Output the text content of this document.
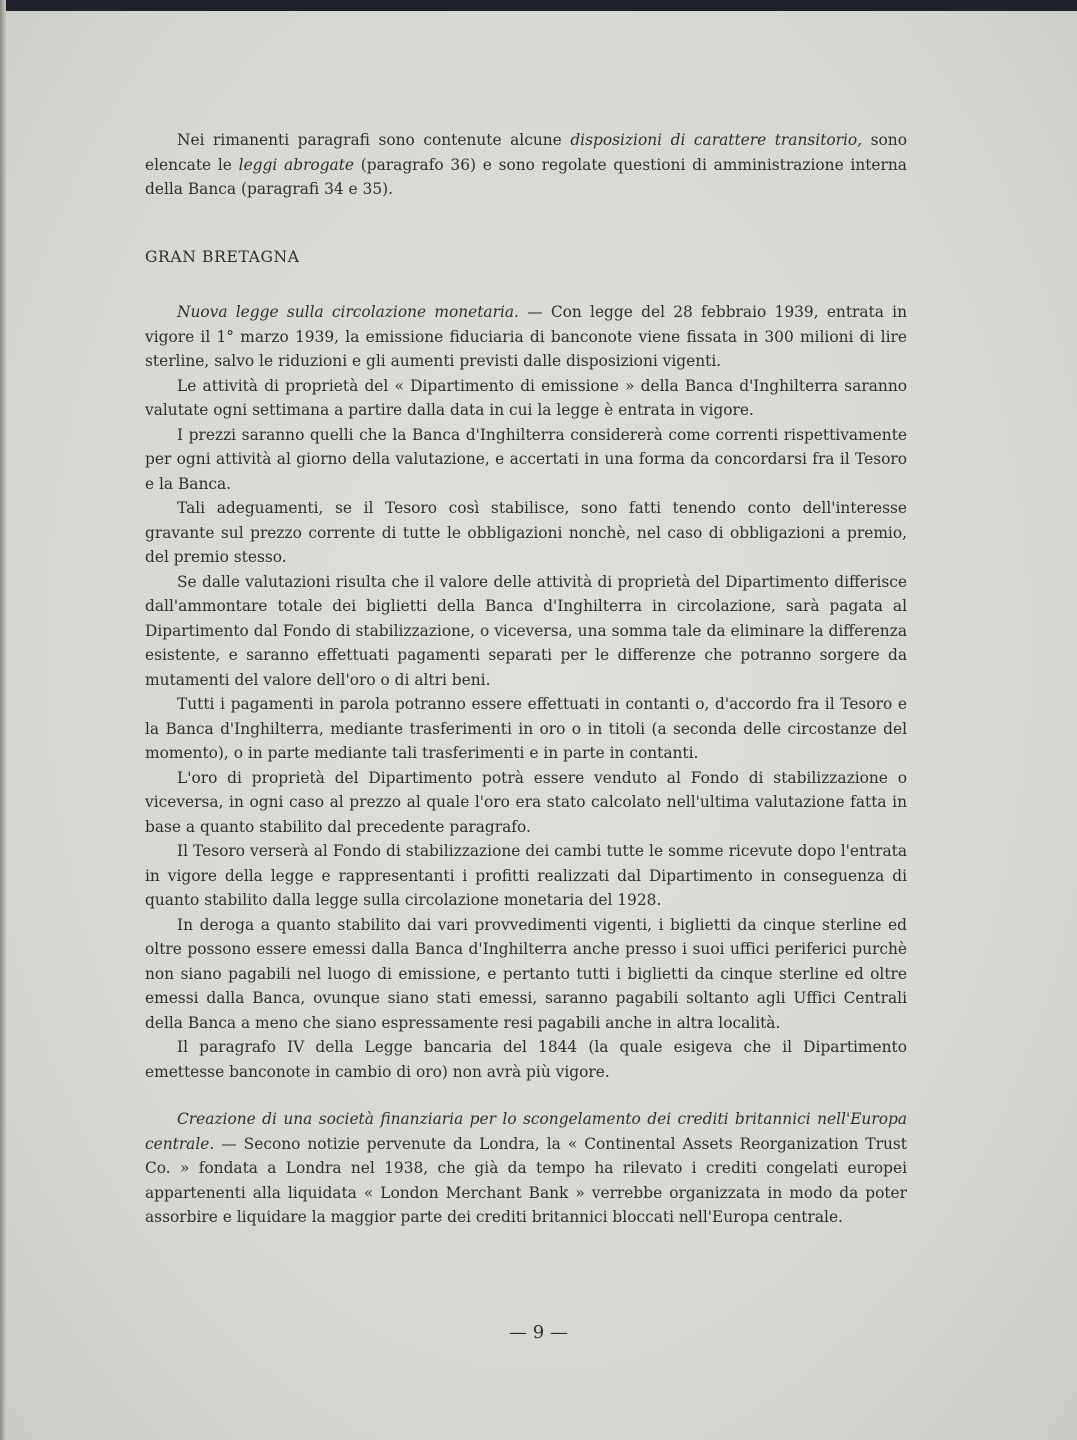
Nei rimanenti paragrafi sono contenute alcune disposizioni di carattere transitorio, sono elencate le leggi abrogate (paragrafo 36) e sono regolate questioni di amministrazione interna della Banca (paragrafi 34 e 35).

GRAN BRETAGNA

Nuova legge sulla circolazione monetaria. — Con legge del 28 febbraio 1939, entrata in vigore il 1° marzo 1939, la emissione fiduciaria di banconote viene fissata in 300 milioni di lire sterline, salvo le riduzioni e gli aumenti previsti dalle disposizioni vigenti.

Le attività di proprietà del « Dipartimento di emissione » della Banca d'Inghilterra saranno valutate ogni settimana a partire dalla data in cui la legge è entrata in vigore.

I prezzi saranno quelli che la Banca d'Inghilterra considererà come correnti rispettivamente per ogni attività al giorno della valutazione, e accertati in una forma da concordarsi fra il Tesoro e la Banca.

Tali adeguamenti, se il Tesoro così stabilisce, sono fatti tenendo conto dell'interesse gravante sul prezzo corrente di tutte le obbligazioni nonchè, nel caso di obbligazioni a premio, del premio stesso.

Se dalle valutazioni risulta che il valore delle attività di proprietà del Dipartimento differisce dall'ammontare totale dei biglietti della Banca d'Inghilterra in circolazione, sarà pagata al Dipartimento dal Fondo di stabilizzazione, o viceversa, una somma tale da eliminare la differenza esistente, e saranno effettuati pagamenti separati per le differenze che potranno sorgere da mutamenti del valore dell'oro o di altri beni.

Tutti i pagamenti in parola potranno essere effettuati in contanti o, d'accordo fra il Tesoro e la Banca d'Inghilterra, mediante trasferimenti in oro o in titoli (a seconda delle circostanze del momento), o in parte mediante tali trasferimenti e in parte in contanti.

L'oro di proprietà del Dipartimento potrà essere venduto al Fondo di stabilizzazione o viceversa, in ogni caso al prezzo al quale l'oro era stato calcolato nell'ultima valutazione fatta in base a quanto stabilito dal precedente paragrafo.

Il Tesoro verserà al Fondo di stabilizzazione dei cambi tutte le somme ricevute dopo l'entrata in vigore della legge e rappresentanti i profitti realizzati dal Dipartimento in conseguenza di quanto stabilito dalla legge sulla circolazione monetaria del 1928.

In deroga a quanto stabilito dai vari provvedimenti vigenti, i biglietti da cinque sterline ed oltre possono essere emessi dalla Banca d'Inghilterra anche presso i suoi uffici periferici purchè non siano pagabili nel luogo di emissione, e pertanto tutti i biglietti da cinque sterline ed oltre emessi dalla Banca, ovunque siano stati emessi, saranno pagabili soltanto agli Uffici Centrali della Banca a meno che siano espressamente resi pagabili anche in altra località.

Il paragrafo IV della Legge bancaria del 1844 (la quale esigeva che il Dipartimento emettesse banconote in cambio di oro) non avrà più vigore.

Creazione di una società finanziaria per lo scongelamento dei crediti britannici nell'Europa centrale. — Secono notizie pervenute da Londra, la « Continental Assets Reorganization Trust Co. » fondata a Londra nel 1938, che già da tempo ha rilevato i crediti congelati europei appartenenti alla liquidata « London Merchant Bank » verrebbe organizzata in modo da poter assorbire e liquidare la maggior parte dei crediti britannici bloccati nell'Europa centrale.

— 9 —
